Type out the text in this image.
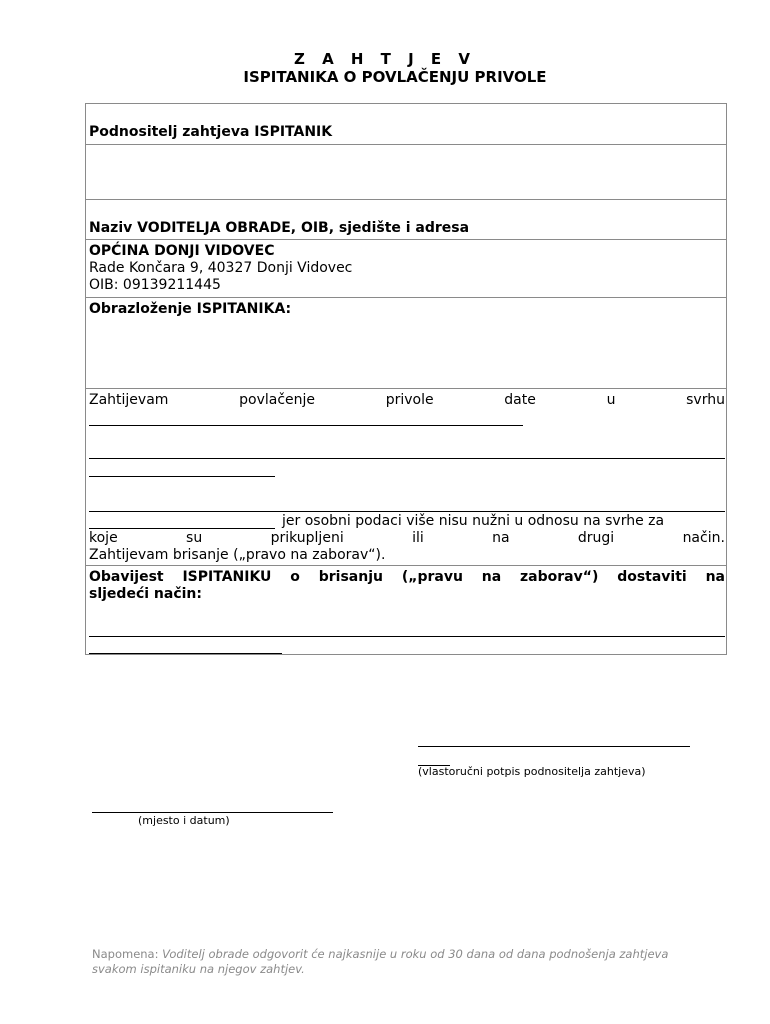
Z A H T J E V
ISPITANIKA O POVLAČENJU PRIVOLE
Podnositelj zahtjeva ISPITANIK
Naziv VODITELJA OBRADE, OIB, sjedište i adresa
OPĆINA DONJI VIDOVEC
Rade Končara 9, 40327 Donji Vidovec
OIB: 09139211445
Obrazloženje ISPITANIKA:
Zahtijevam	povlačenje	privole	date	u	svrhu
jer osobni podaci više nisu nužni u odnosu na svrhe za
koje	su	prikupljeni	ili	na	drugi	način.
Zahtijevam brisanje („pravo na zaborav“).
Obavijest ISPITANIKU o brisanju („pravu na zaborav“) dostaviti na
sljedeći način:
(vlastoručni potpis podnositelja zahtjeva)
(mjesto i datum)
Napomena: Voditelj obrade odgovorit će najkasnije u roku od 30 dana od dana podnošenja zahtjeva svakom ispitaniku na njegov zahtjev.
